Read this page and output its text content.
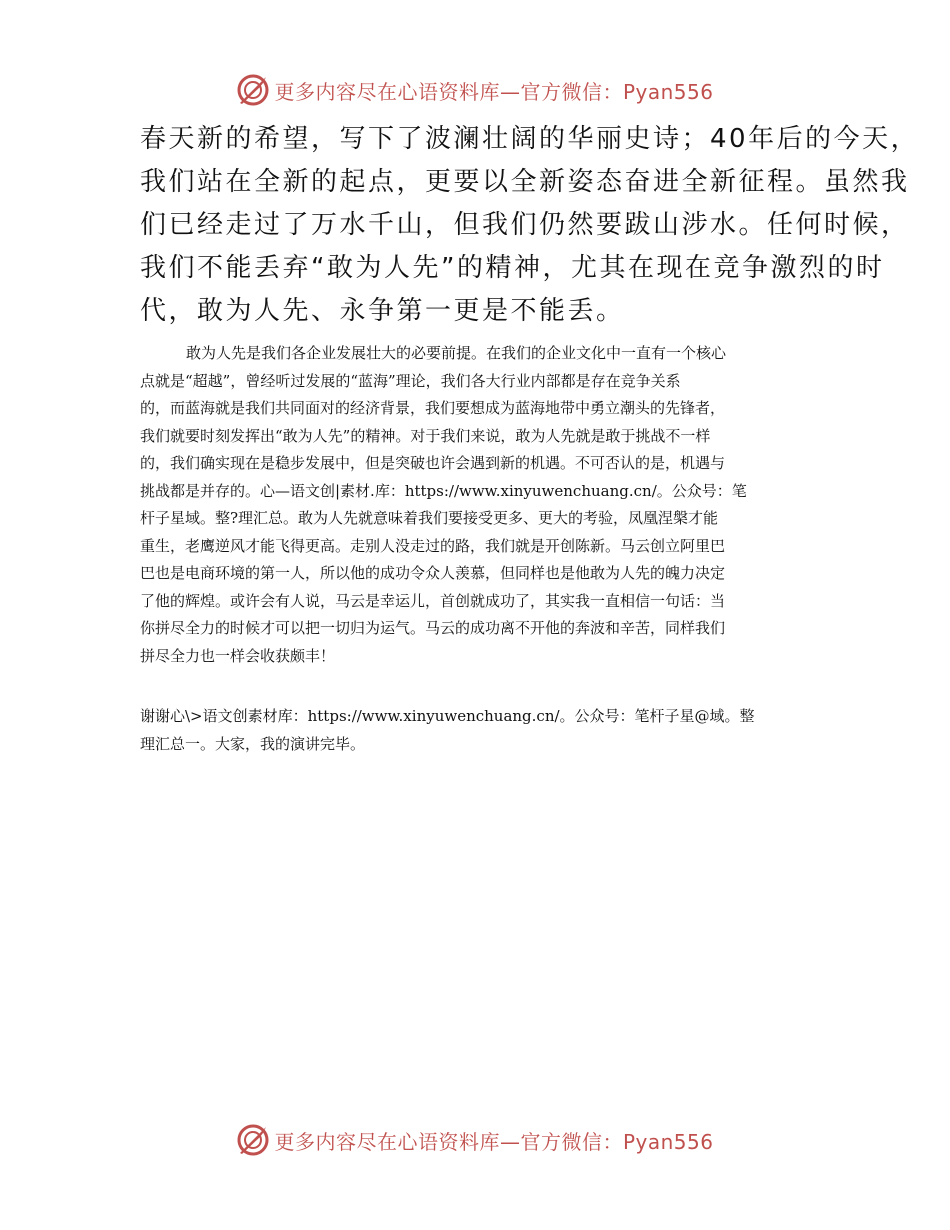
更多内容尽在心语资料库—官方微信：Pyan556
春天新的希望，写下了波澜壮阔的华丽史诗；40年后的今天，
我们站在全新的起点，更要以全新姿态奋进全新征程。虽然我
们已经走过了万水千山，但我们仍然要跋山涉水。任何时候，
我们不能丢弃“敢为人先”的精神，尤其在现在竞争激烈的时
代，敢为人先、永争第一更是不能丢。
敢为人先是我们各企业发展壮大的必要前提。在我们的企业文化中一直有一个核心
点就是“超越”，曾经听过发展的“蓝海”理论，我们各大行业内部都是存在竞争关系
的，而蓝海就是我们共同面对的经济背景，我们要想成为蓝海地带中勇立潮头的先锋者，
我们就要时刻发挥出“敢为人先”的精神。对于我们来说，敢为人先就是敢于挑战不一样
的，我们确实现在是稳步发展中，但是突破也许会遇到新的机遇。不可否认的是，机遇与
挑战都是并存的。心—语文创|素材.库：https://www.xinyuwenchuang.cn/。公众号：笔
杆子星域。整?理汇总。敢为人先就意味着我们要接受更多、更大的考验，凤凰涅槃才能
重生，老鹰逆风才能飞得更高。走别人没走过的路，我们就是开创陈新。马云创立阿里巴
巴也是电商环境的第一人，所以他的成功令众人羡慕，但同样也是他敢为人先的魄力决定
了他的辉煌。或许会有人说，马云是幸运儿，首创就成功了，其实我一直相信一句话：当
你拼尽全力的时候才可以把一切归为运气。马云的成功离不开他的奔波和辛苦，同样我们
拼尽全力也一样会收获颇丰！
谢谢心\>语文创素材库：https://www.xinyuwenchuang.cn/。公众号：笔杆子星@域。整
理汇总一。大家，我的演讲完毕。
更多内容尽在心语资料库—官方微信：Pyan556
